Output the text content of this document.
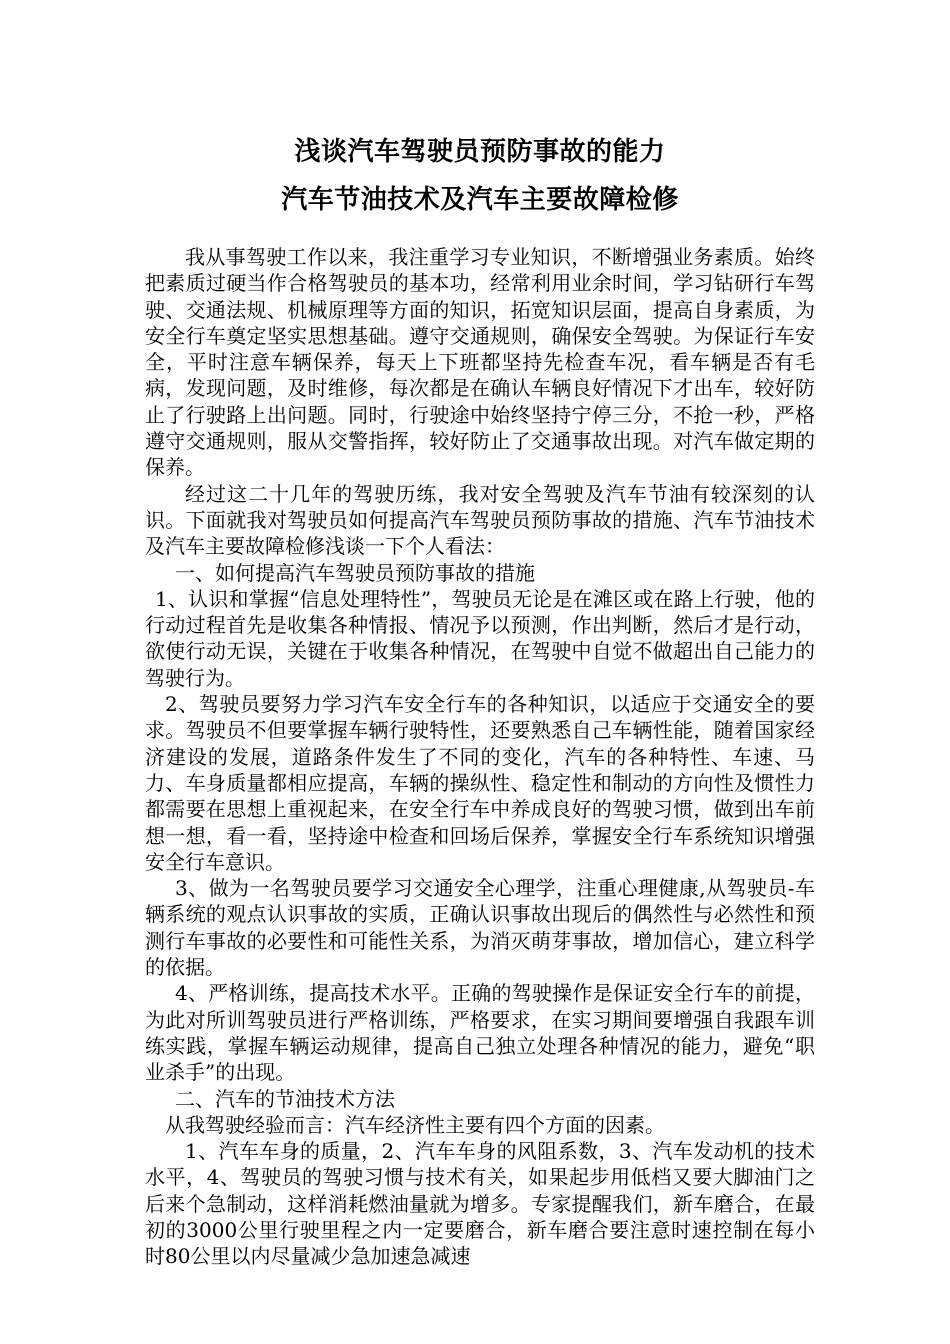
浅谈汽车驾驶员预防事故的能力
汽车节油技术及汽车主要故障检修

我从事驾驶工作以来，我注重学习专业知识，不断增强业务素质。始终把素质过硬当作合格驾驶员的基本功，经常利用业余时间，学习钻研行车驾驶、交通法规、机械原理等方面的知识，拓宽知识层面，提高自身素质，为安全行车奠定坚实思想基础。遵守交通规则，确保安全驾驶。为保证行车安全，平时注意车辆保养，每天上下班都坚持先检查车况，看车辆是否有毛病，发现问题，及时维修，每次都是在确认车辆良好情况下才出车，较好防止了行驶路上出问题。同时，行驶途中始终坚持宁停三分，不抢一秒，严格遵守交通规则，服从交警指挥，较好防止了交通事故出现。对汽车做定期的保养。

经过这二十几年的驾驶历练，我对安全驾驶及汽车节油有较深刻的认识。下面就我对驾驶员如何提高汽车驾驶员预防事故的措施、汽车节油技术及汽车主要故障检修浅谈一下个人看法：

一、如何提高汽车驾驶员预防事故的措施

1、认识和掌握“信息处理特性”，驾驶员无论是在滩区或在路上行驶，他的行动过程首先是收集各种情报、情况予以预测，作出判断，然后才是行动，欲使行动无误，关键在于收集各种情况，在驾驶中自觉不做超出自己能力的驾驶行为。

2、驾驶员要努力学习汽车安全行车的各种知识，以适应于交通安全的要求。驾驶员不但要掌握车辆行驶特性，还要熟悉自己车辆性能，随着国家经济建设的发展，道路条件发生了不同的变化，汽车的各种特性、车速、马力、车身质量都相应提高，车辆的操纵性、稳定性和制动的方向性及惯性力都需要在思想上重视起来，在安全行车中养成良好的驾驶习惯，做到出车前想一想，看一看，坚持途中检查和回场后保养，掌握安全行车系统知识增强安全行车意识。

3、做为一名驾驶员要学习交通安全心理学，注重心理健康,从驾驶员-车辆系统的观点认识事故的实质，正确认识事故出现后的偶然性与必然性和预测行车事故的必要性和可能性关系，为消灭萌芽事故，增加信心，建立科学的依据。

4、严格训练，提高技术水平。正确的驾驶操作是保证安全行车的前提，为此对所训驾驶员进行严格训练，严格要求，在实习期间要增强自我跟车训练实践，掌握车辆运动规律，提高自己独立处理各种情况的能力，避免“职业杀手”的出现。

二、汽车的节油技术方法

从我驾驶经验而言：汽车经济性主要有四个方面的因素。

1、汽车车身的质量，2、汽车车身的风阻系数，3、汽车发动机的技术水平，4、驾驶员的驾驶习惯与技术有关，如果起步用低档又要大脚油门之后来个急制动，这样消耗燃油量就为增多。专家提醒我们，新车磨合，在最初的3000公里行驶里程之内一定要磨合，新车磨合要注意时速控制在每小时80公里以内尽量减少急加速急减速
